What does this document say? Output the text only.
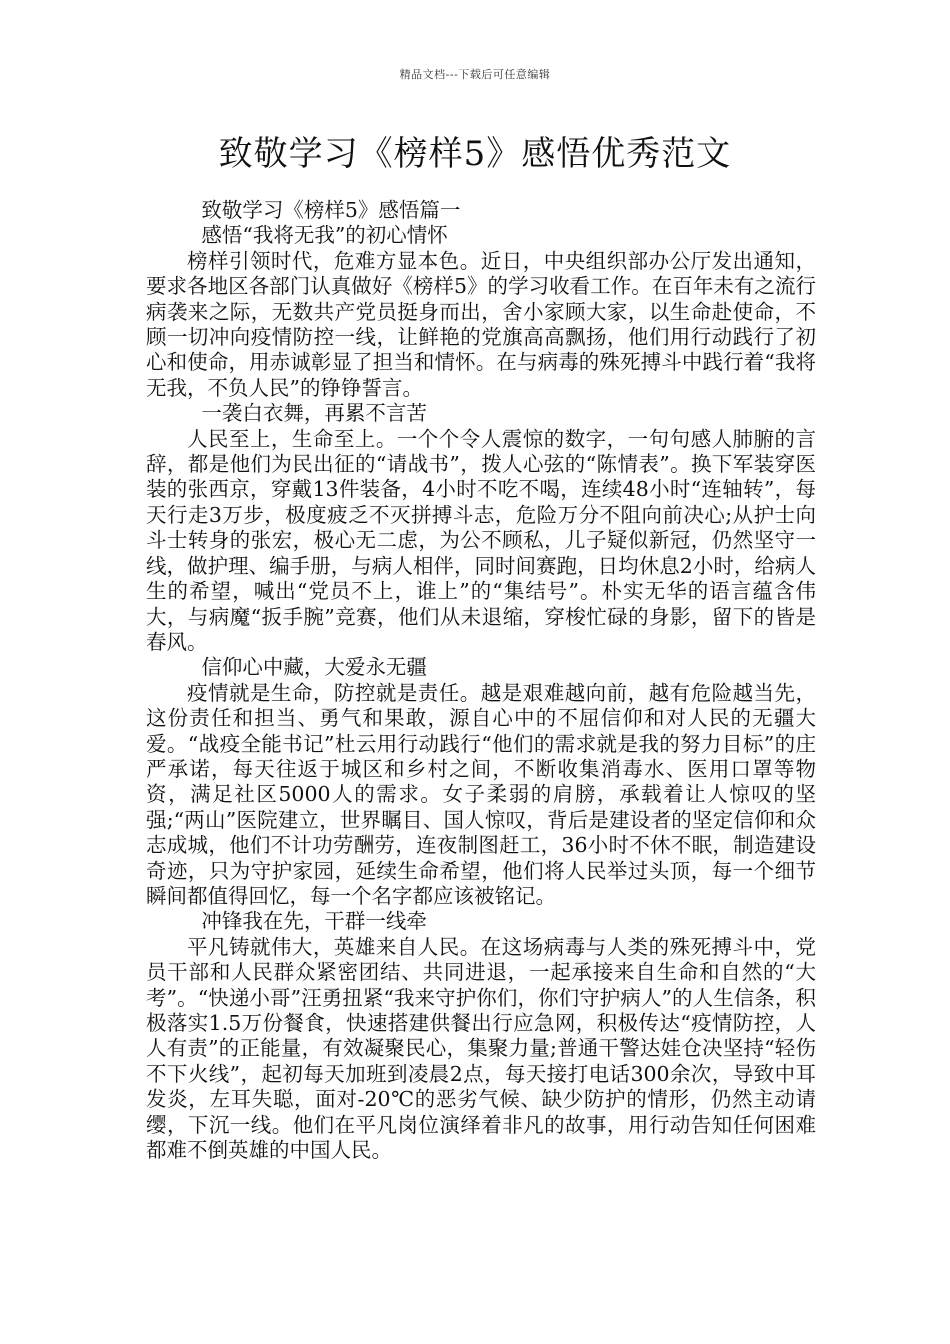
精品文档---下载后可任意编辑
致敬学习《榜样5》感悟优秀范文

致敬学习《榜样5》感悟篇一

感悟“我将无我”的初心情怀

榜样引领时代，危难方显本色。近日，中央组织部办公厅发出通知，要求各地区各部门认真做好《榜样5》的学习收看工作。在百年未有之流行病袭来之际，无数共产党员挺身而出，舍小家顾大家，以生命赴使命，不顾一切冲向疫情防控一线，让鲜艳的党旗高高飘扬，他们用行动践行了初心和使命，用赤诚彰显了担当和情怀。在与病毒的殊死搏斗中践行着“我将无我，不负人民”的铮铮誓言。

一袭白衣舞，再累不言苦

人民至上，生命至上。一个个令人震惊的数字，一句句感人肺腑的言辞，都是他们为民出征的“请战书”，拨人心弦的“陈情表”。换下军装穿医装的张西京，穿戴13件装备，4小时不吃不喝，连续48小时“连轴转”，每天行走3万步，极度疲乏不灭拼搏斗志，危险万分不阻向前决心;从护士向斗士转身的张宏，极心无二虑，为公不顾私，儿子疑似新冠，仍然坚守一线，做护理、编手册，与病人相伴，同时间赛跑，日均休息2小时，给病人生的希望，喊出“党员不上，谁上”的“集结号”。朴实无华的语言蕴含伟大，与病魔“扳手腕”竞赛，他们从未退缩，穿梭忙碌的身影，留下的皆是春风。

信仰心中藏，大爱永无疆

疫情就是生命，防控就是责任。越是艰难越向前，越有危险越当先，这份责任和担当、勇气和果敢，源自心中的不屈信仰和对人民的无疆大爱。“战疫全能书记”杜云用行动践行“他们的需求就是我的努力目标”的庄严承诺，每天往返于城区和乡村之间，不断收集消毒水、医用口罩等物资，满足社区5000人的需求。女子柔弱的肩膀，承载着让人惊叹的坚强;“两山”医院建立，世界瞩目、国人惊叹，背后是建设者的坚定信仰和众志成城，他们不计功劳酬劳，连夜制图赶工，36小时不休不眠，制造建设奇迹，只为守护家园，延续生命希望，他们将人民举过头顶，每一个细节瞬间都值得回忆，每一个名字都应该被铭记。

冲锋我在先，干群一线牵

平凡铸就伟大，英雄来自人民。在这场病毒与人类的殊死搏斗中，党员干部和人民群众紧密团结、共同进退，一起承接来自生命和自然的“大考”。“快递小哥”汪勇扭紧“我来守护你们，你们守护病人”的人生信条，积极落实1.5万份餐食，快速搭建供餐出行应急网，积极传达“疫情防控，人人有责”的正能量，有效凝聚民心，集聚力量;普通干警达娃仓决坚持“轻伤不下火线”，起初每天加班到凌晨2点，每天接打电话300余次，导致中耳发炎，左耳失聪，面对-20℃的恶劣气候、缺少防护的情形，仍然主动请缨，下沉一线。他们在平凡岗位演绎着非凡的故事，用行动告知任何困难都难不倒英雄的中国人民。
